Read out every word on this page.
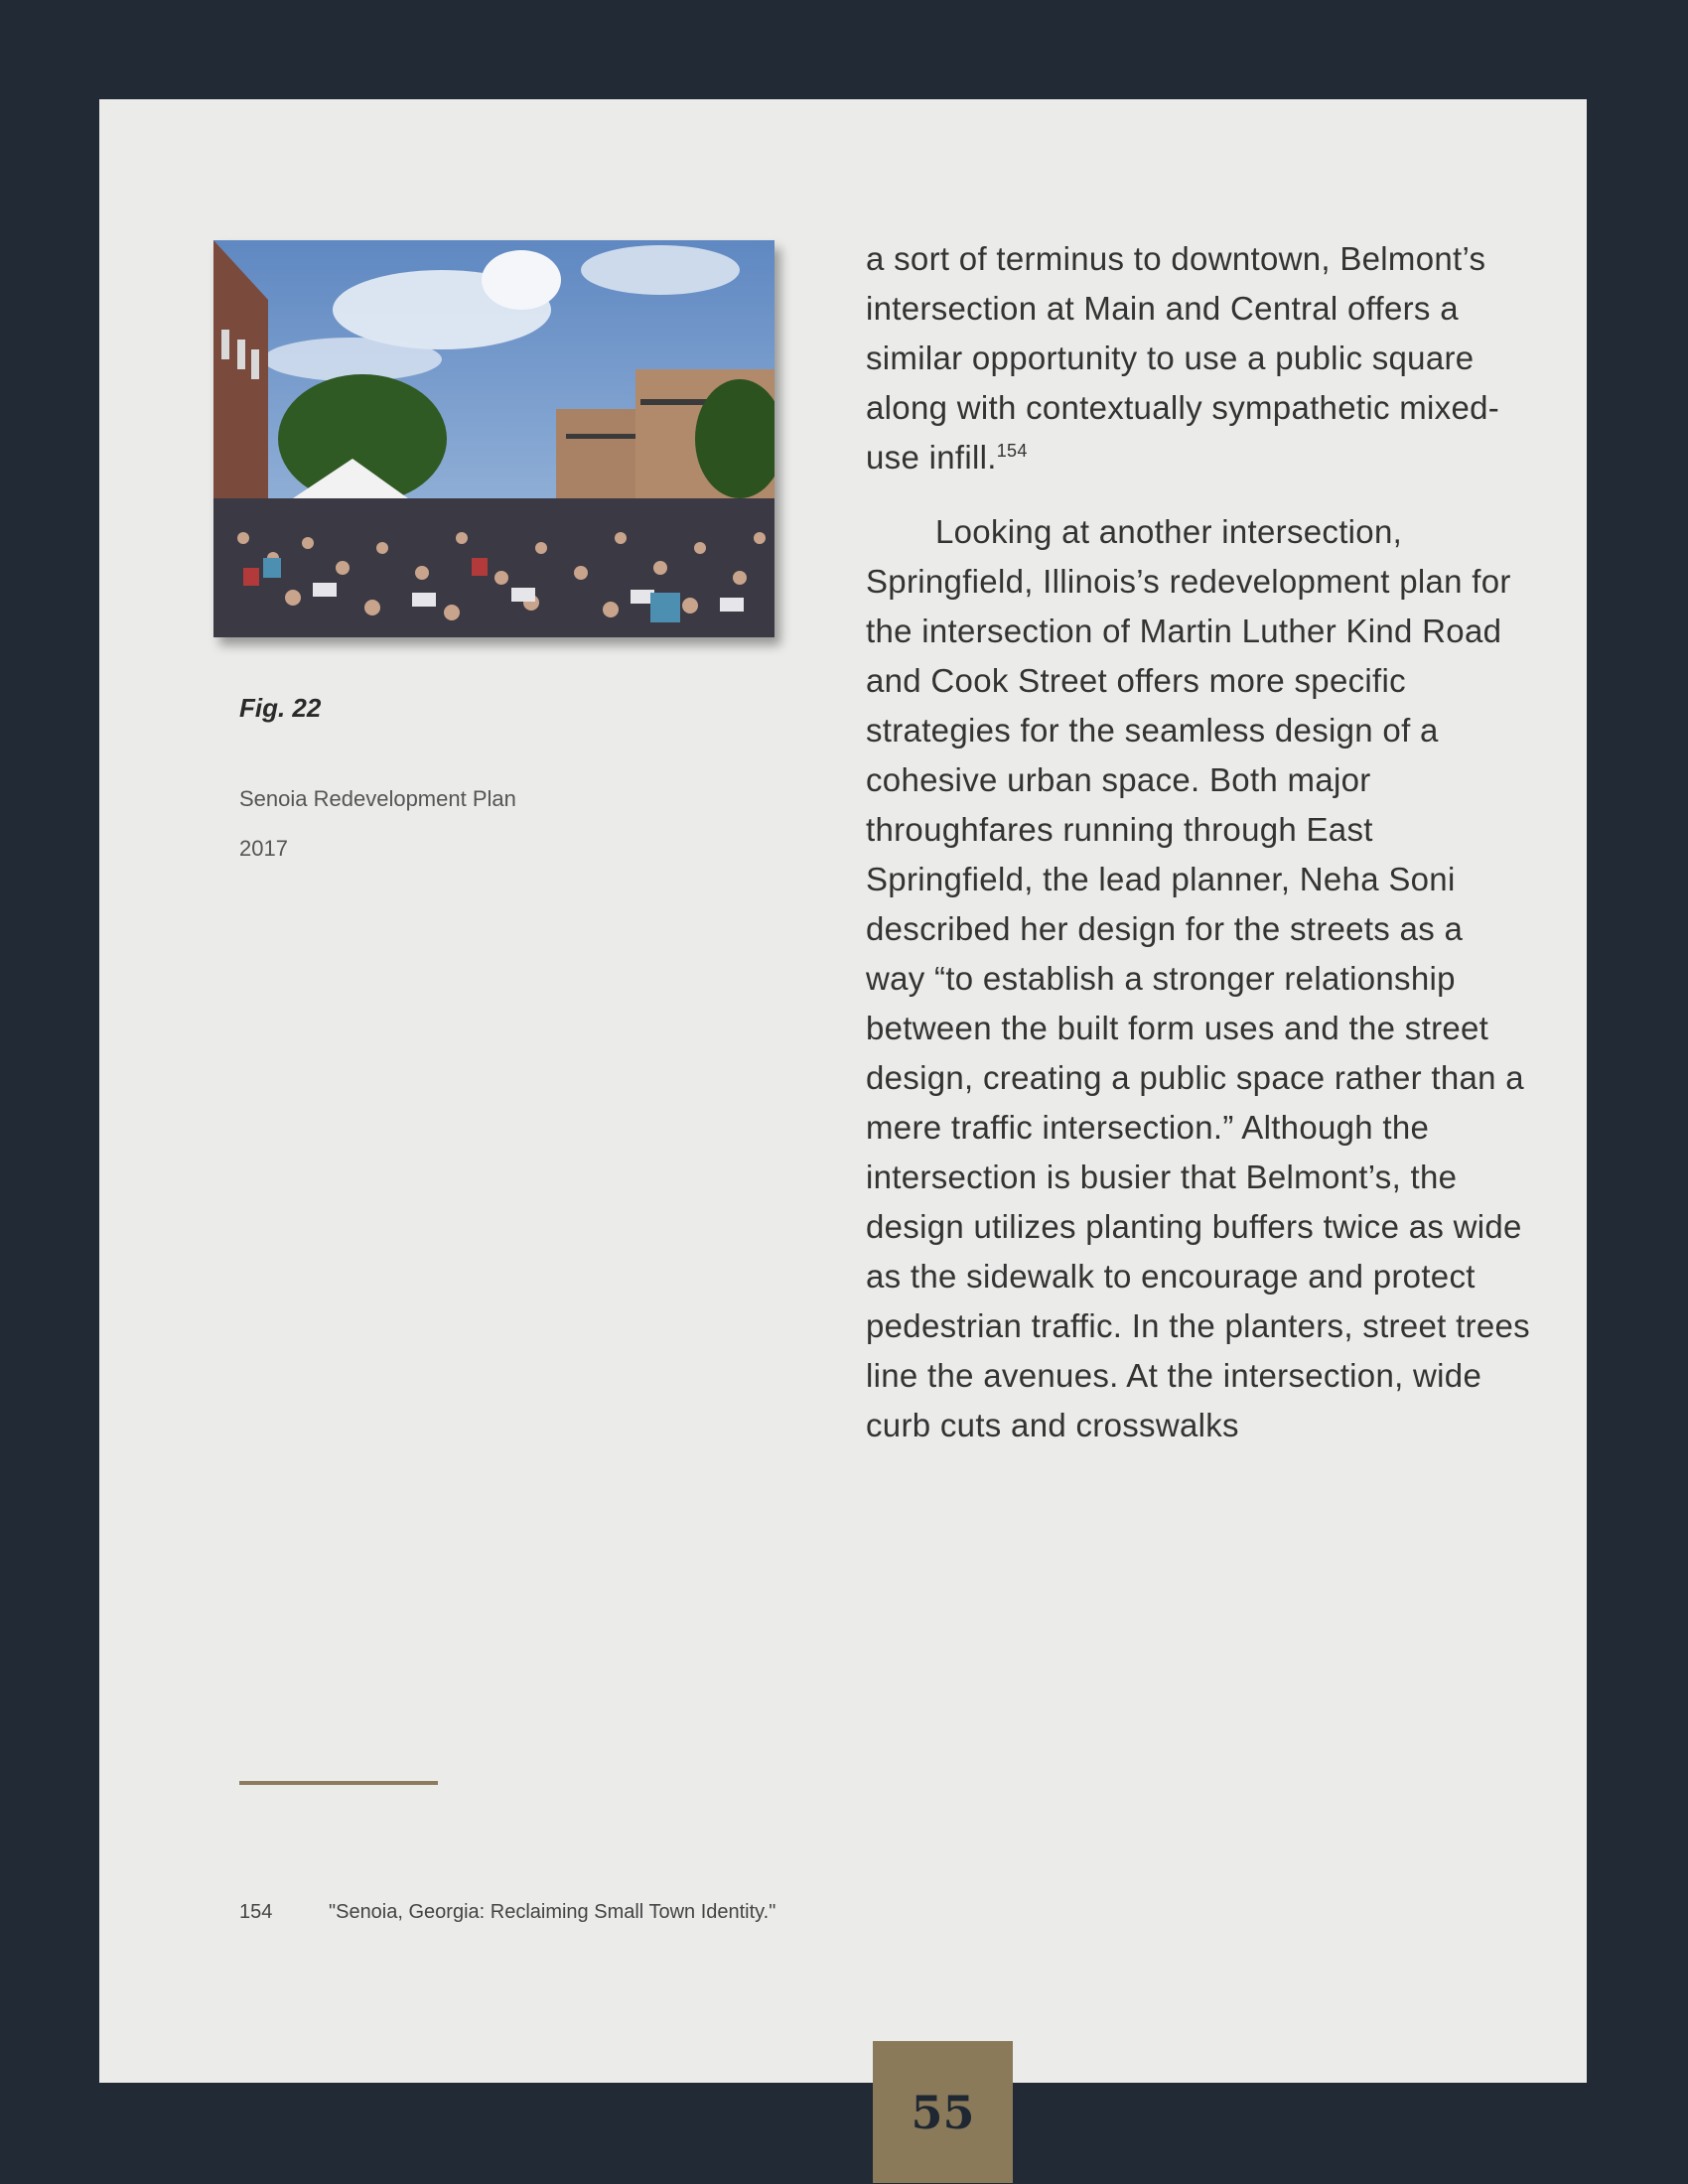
Fig. 22
Senoia Redevelopment Plan
2017

a sort of terminus to downtown, Belmont’s intersection at Main and Central offers a similar opportunity to use a public square along with contextually sympathetic mixed-use infill.$^{154}$

Looking at another intersection, Springfield, Illinois’s redevelopment plan for the intersection of Martin Luther Kind Road and Cook Street offers more specific strategies for the seamless design of a cohesive urban space. Both major throughfares running through East Springfield, the lead planner, Neha Soni described her design for the streets as a way “to establish a stronger relationship between the built form uses and the street design, creating a public space rather than a mere traffic intersection.” Although the intersection is busier that Belmont’s, the design utilizes planting buffers twice as wide as the sidewalk to encourage and protect pedestrian traffic. In the planters, street trees line the avenues. At the intersection, wide curb cuts and crosswalks

154	"Senoia, Georgia: Reclaiming Small Town Identity."
55
